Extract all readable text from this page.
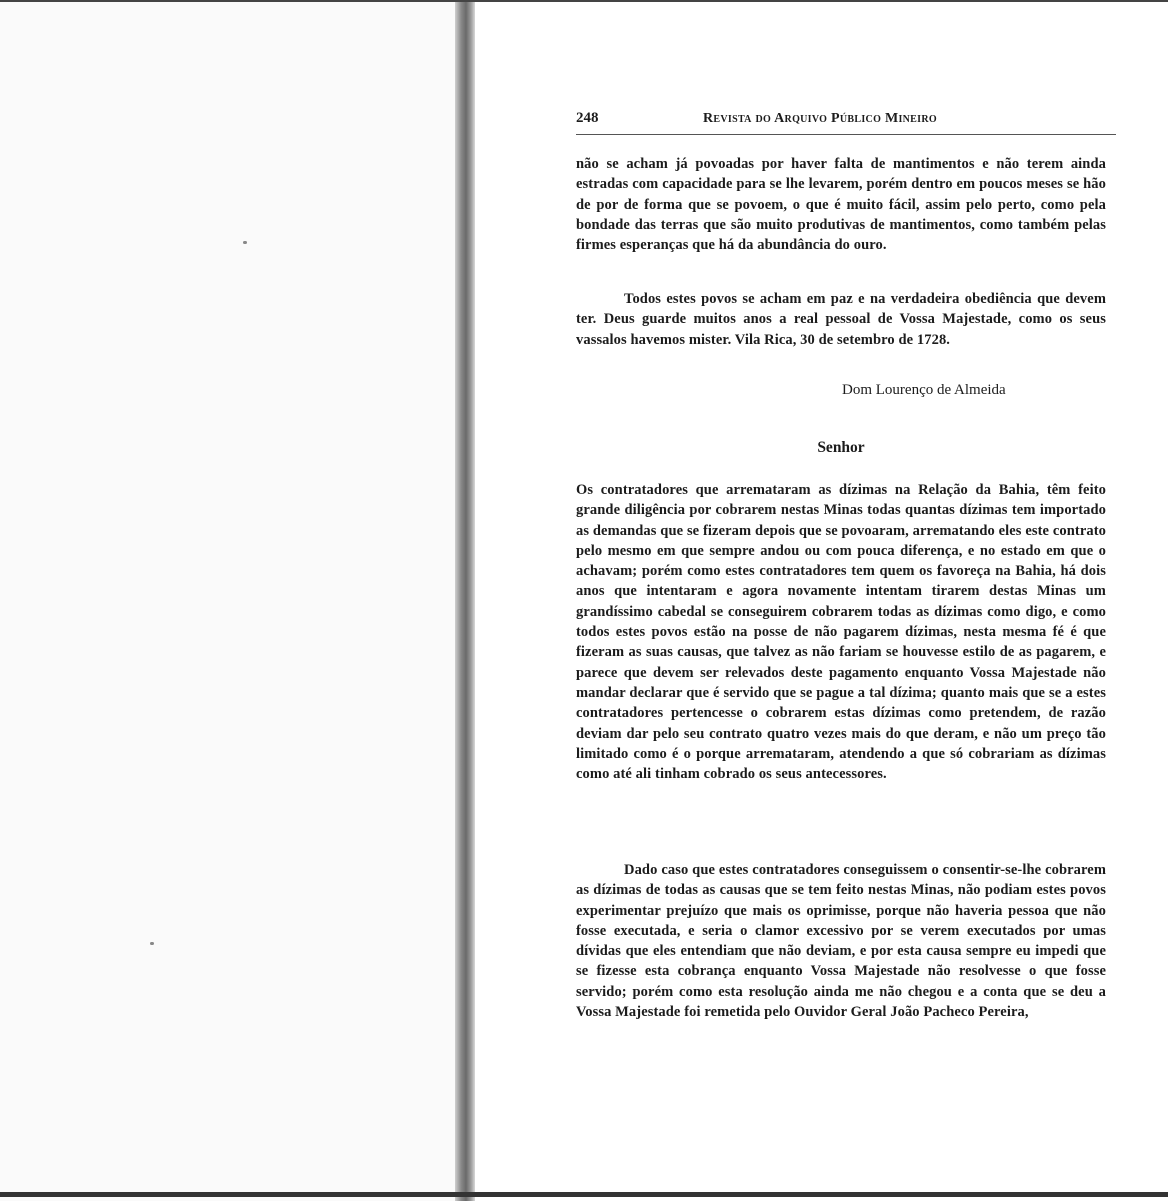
248	Revista do Arquivo Público Mineiro
não se acham já povoadas por haver falta de mantimentos e não terem ainda estradas com capacidade para se lhe levarem, porém dentro em poucos meses se hão de por de forma que se povoem, o que é muito fácil, assim pelo perto, como pela bondade das terras que são muito produtivas de mantimentos, como também pelas firmes esperanças que há da abundância do ouro.
Todos estes povos se acham em paz e na verdadeira obediência que devem ter. Deus guarde muitos anos a real pessoal de Vossa Majestade, como os seus vassalos havemos mister. Vila Rica, 30 de setembro de 1728.
Dom Lourenço de Almeida
Senhor
Os contratadores que arremataram as dízimas na Relação da Bahia, têm feito grande diligência por cobrarem nestas Minas todas quantas dízimas tem importado as demandas que se fizeram depois que se povoaram, arrematando eles este contrato pelo mesmo em que sempre andou ou com pouca diferença, e no estado em que o achavam; porém como estes contratadores tem quem os favoreça na Bahia, há dois anos que intentaram e agora novamente intentam tirarem destas Minas um grandíssimo cabedal se conseguirem cobrarem todas as dízimas como digo, e como todos estes povos estão na posse de não pagarem dízimas, nesta mesma fé é que fizeram as suas causas, que talvez as não fariam se houvesse estilo de as pagarem, e parece que devem ser relevados deste pagamento enquanto Vossa Majestade não mandar declarar que é servido que se pague a tal dízima; quanto mais que se a estes contratadores pertencesse o cobrarem estas dízimas como pretendem, de razão deviam dar pelo seu contrato quatro vezes mais do que deram, e não um preço tão limitado como é o porque arremataram, atendendo a que só cobrariam as dízimas como até ali tinham cobrado os seus antecessores.
Dado caso que estes contratadores conseguissem o consentir-se-lhe cobrarem as dízimas de todas as causas que se tem feito nestas Minas, não podiam estes povos experimentar prejuízo que mais os oprimisse, porque não haveria pessoa que não fosse executada, e seria o clamor excessivo por se verem executados por umas dívidas que eles entendiam que não deviam, e por esta causa sempre eu impedi que se fizesse esta cobrança enquanto Vossa Majestade não resolvesse o que fosse servido; porém como esta resolução ainda me não chegou e a conta que se deu a Vossa Majestade foi remetida pelo Ouvidor Geral João Pacheco Pereira,
